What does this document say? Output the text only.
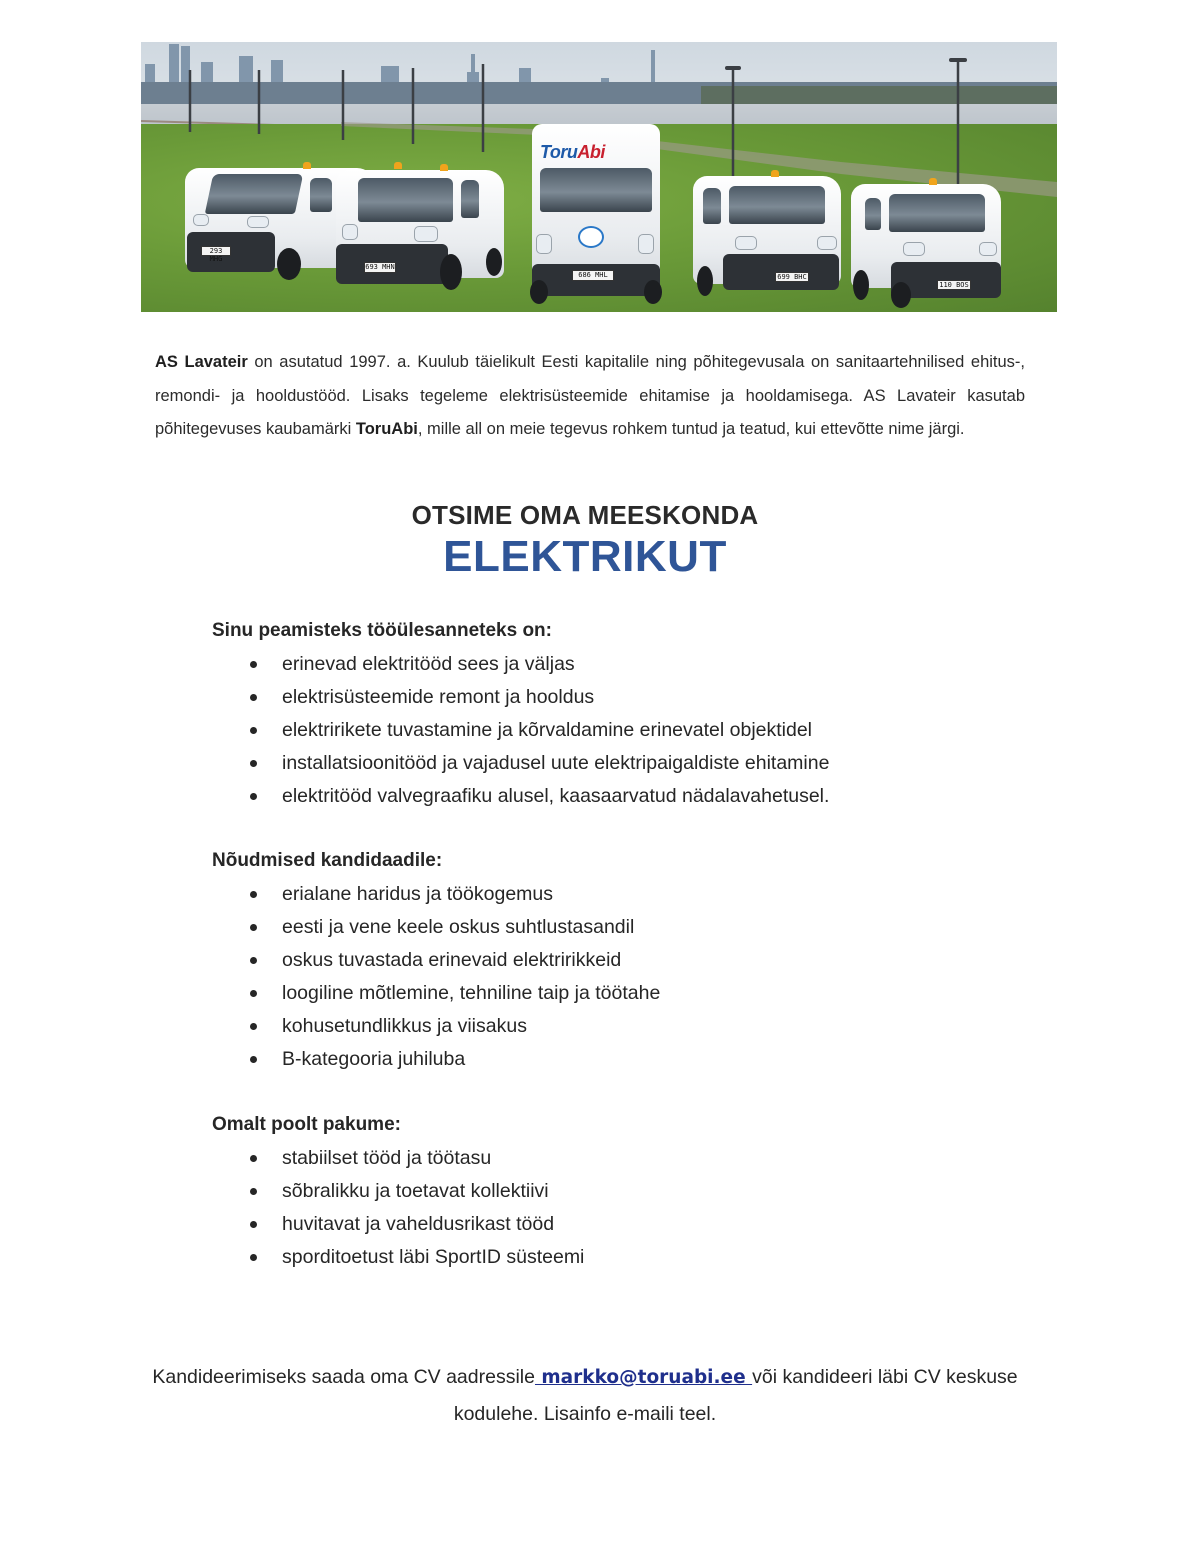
293 MHG
693 MHN
ToruAbi
686 MHL	699 BHC
110 BOS

AS Lavateir on asutatud 1997. a. Kuulub täielikult Eesti kapitalile ning põhitegevusala on sanitaartehnilised ehitus-, remondi- ja hooldustööd. Lisaks tegeleme elektrisüsteemide ehitamise ja hooldamisega. AS Lavateir kasutab põhitegevuses kaubamärki ToruAbi, mille all on meie tegevus rohkem tuntud ja teatud, kui ettevõtte nime järgi.

OTSIME OMA MEESKONDA
ELEKTRIKUT
Sinu peamisteks tööülesanneteks on:
erinevad elektritööd sees ja väljas
elektrisüsteemide remont ja hooldus
elektririkete tuvastamine ja kõrvaldamine erinevatel objektidel
installatsioonitööd ja vajadusel uute elektripaigaldiste ehitamine
elektritööd valvegraafiku alusel, kaasaarvatud nädalavahetusel.
Nõudmised kandidaadile:
erialane haridus ja töökogemus
eesti ja vene keele oskus suhtlustasandil
oskus tuvastada erinevaid elektririkkeid
loogiline mõtlemine, tehniline taip ja töötahe
kohusetundlikkus ja viisakus
B-kategooria juhiluba
Omalt poolt pakume:
stabiilset tööd ja töötasu
sõbralikku ja toetavat kollektiivi
huvitavat ja vaheldusrikast tööd
sporditoetust läbi SportID süsteemi

Kandideerimiseks saada oma CV aadressile markko@toruabi.ee või kandideeri läbi CV keskuse kodulehe. Lisainfo e-maili teel.
